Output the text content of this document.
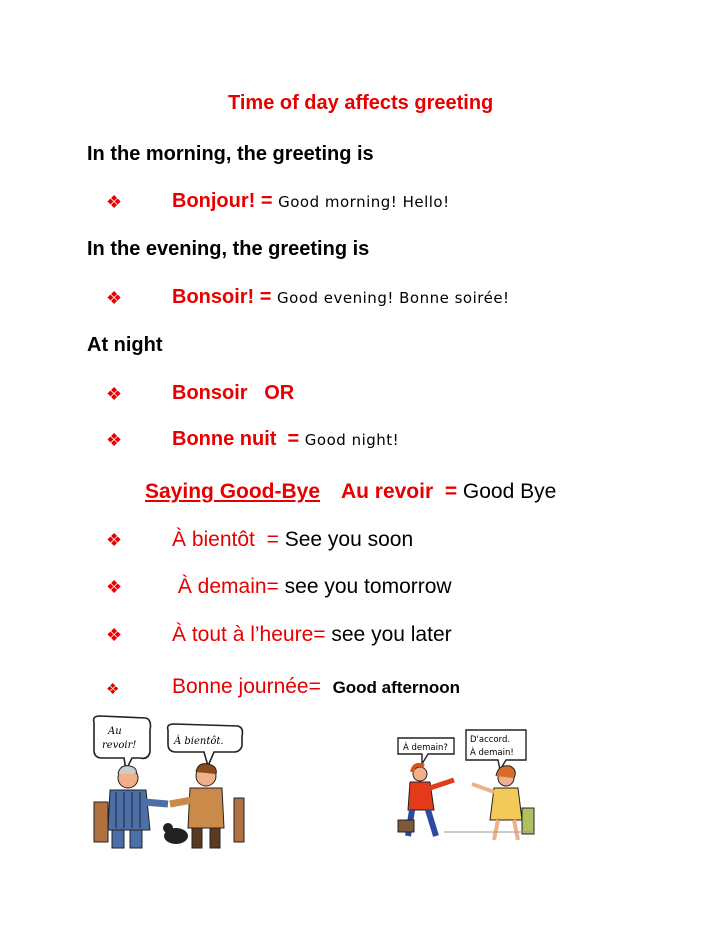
Time of day affects greeting
In the morning, the greeting is
❖ Bonjour! = Good morning! Hello!
In the evening, the greeting is
❖ Bonsoir! = Good evening! Bonne soirée!
At night
❖ Bonsoir   OR
❖ Bonne nuit  = Good night!
Saying Good-Bye Au revoir  = Good Bye
❖ À bientôt  = See you soon
❖ À demain= see you tomorrow
❖ À tout à l’heure= see you later
❖	Bonne journée=  Good afternoon
Au
revoir!	À bientôt.
À demain?
D'accord.
À demain!
